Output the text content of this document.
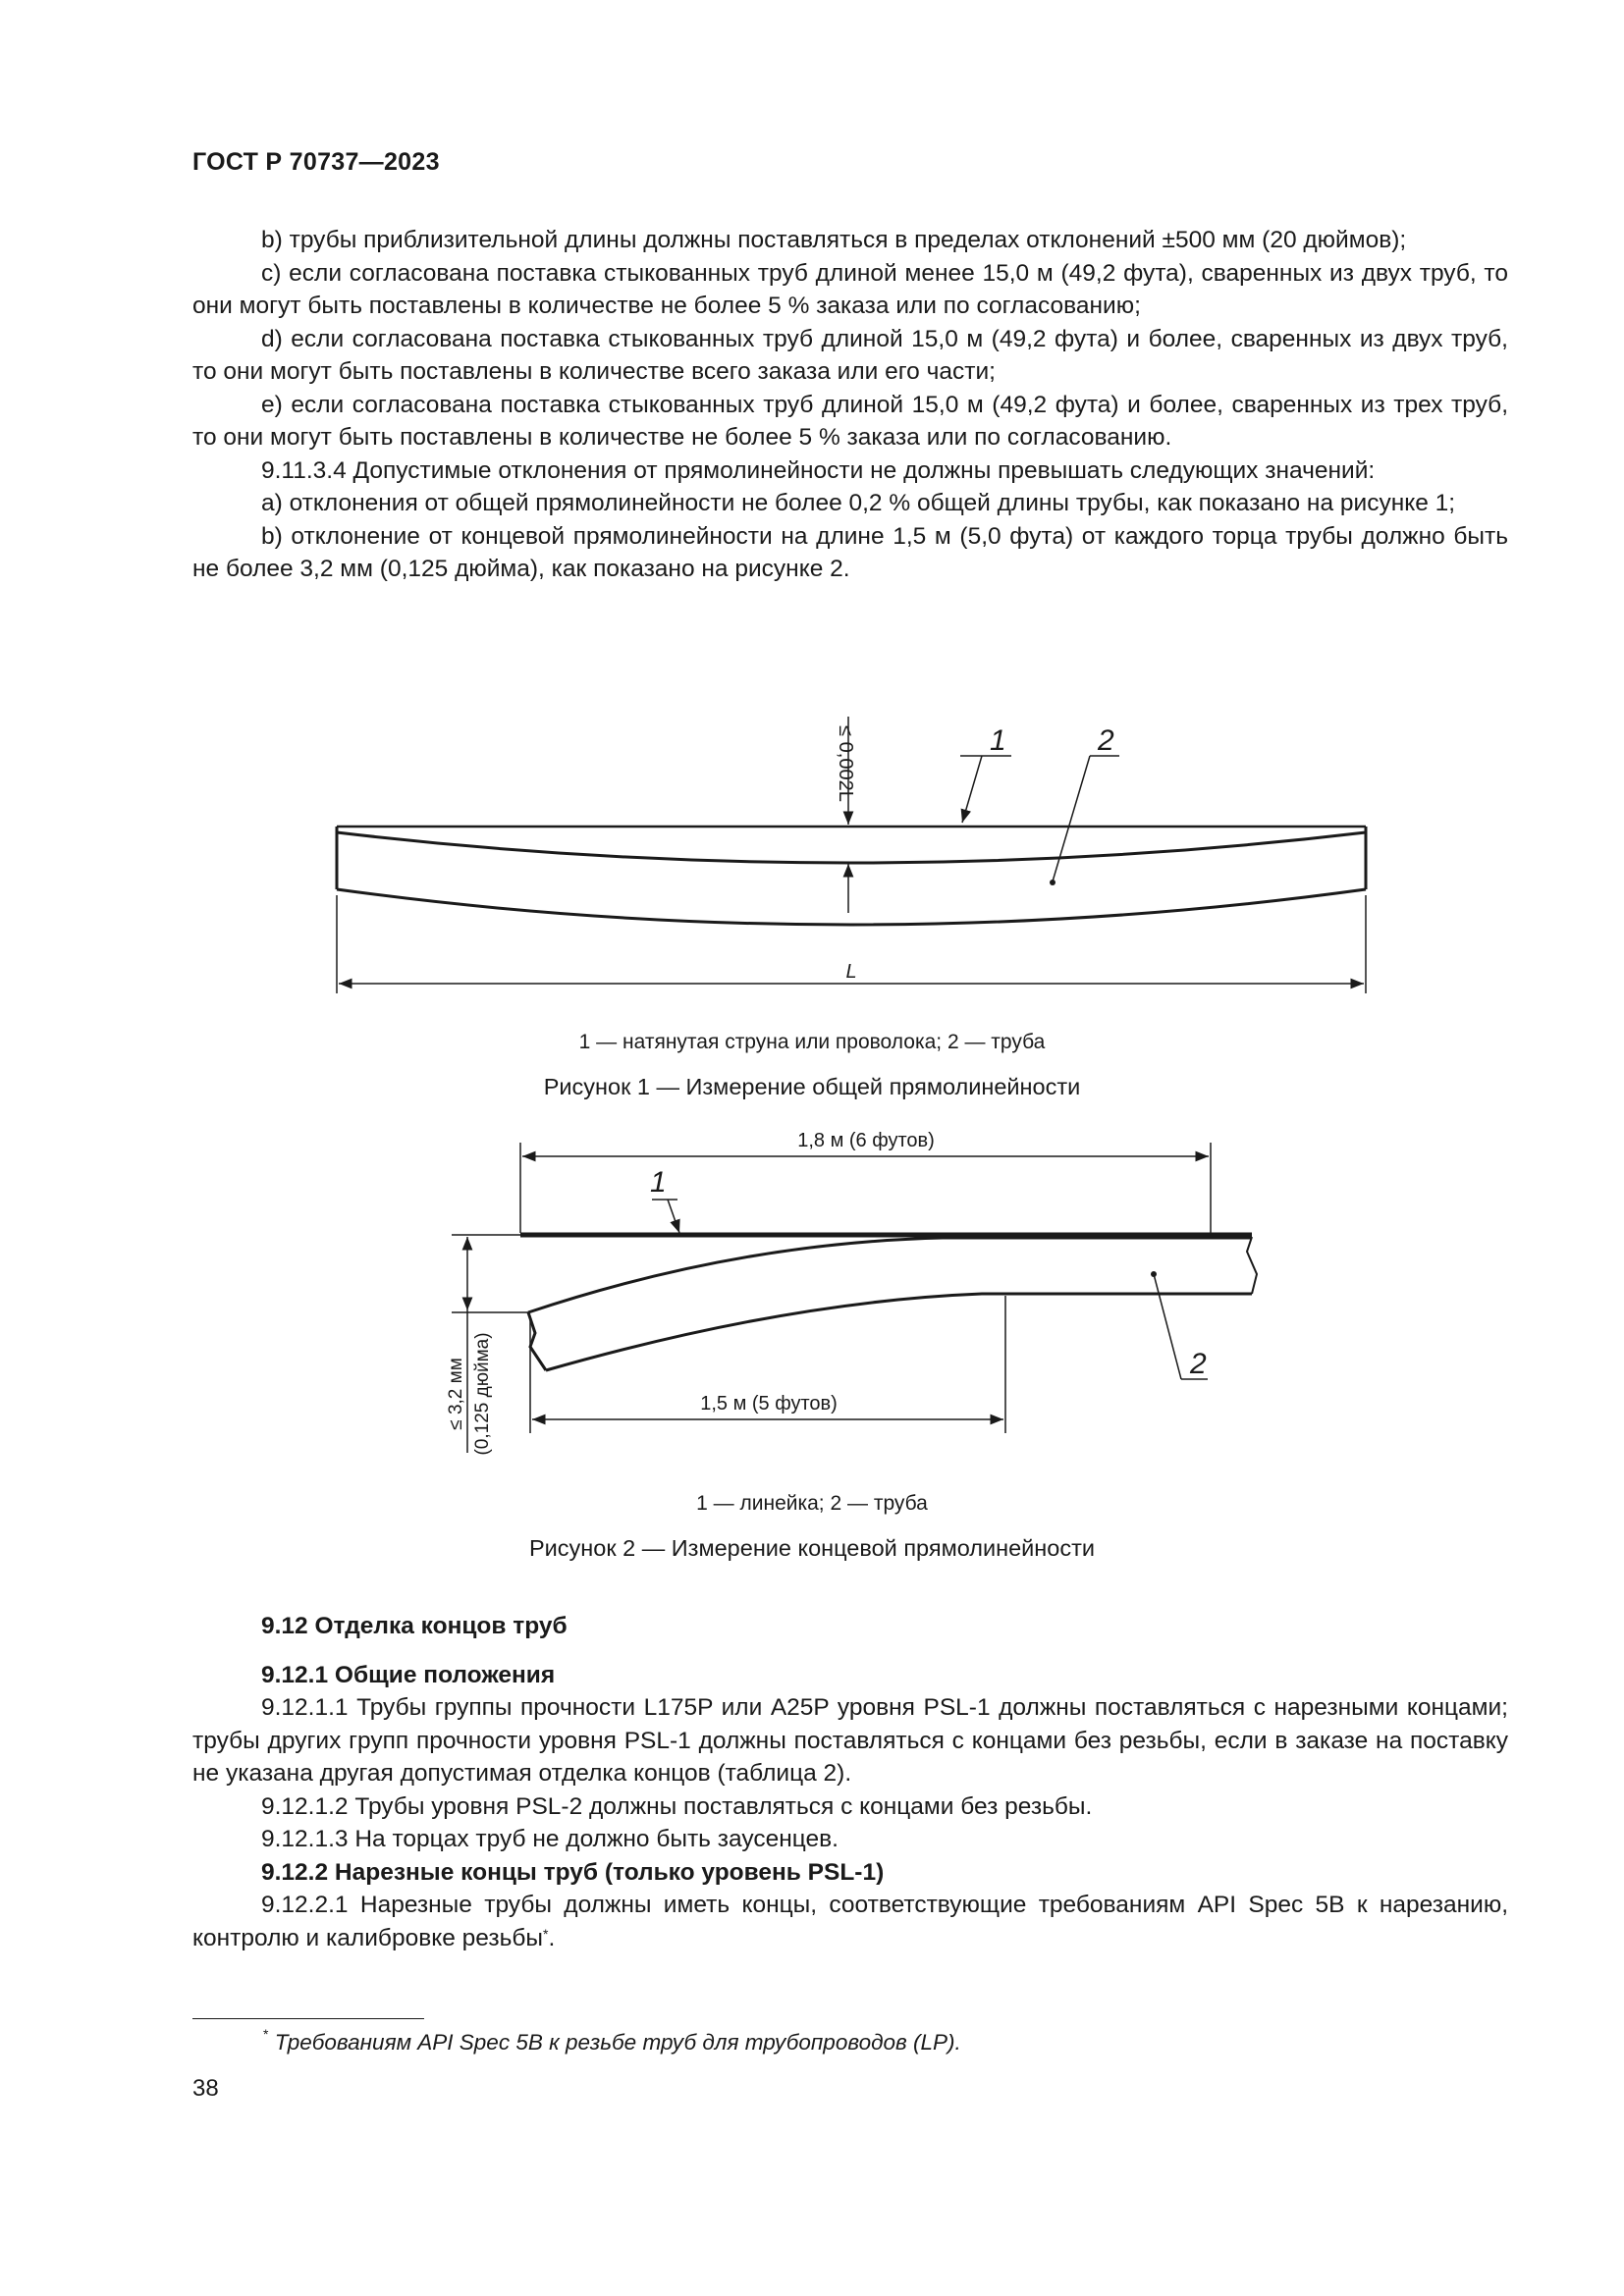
ГОСТ Р 70737—2023

b) трубы приблизительной длины должны поставляться в пределах отклонений ±500 мм (20 дюймов);

c) если согласована поставка стыкованных труб длиной менее 15,0 м (49,2 фута), сваренных из двух труб, то они могут быть поставлены в количестве не более 5 % заказа или по согласованию;

d) если согласована поставка стыкованных труб длиной 15,0 м (49,2 фута) и более, сваренных из двух труб, то они могут быть поставлены в количестве всего заказа или его части;

e) если согласована поставка стыкованных труб длиной 15,0 м (49,2 фута) и более, сваренных из трех труб, то они могут быть поставлены в количестве не более 5 % заказа или по согласованию.

9.11.3.4 Допустимые отклонения от прямолинейности не должны превышать следующих значений:

a) отклонения от общей прямолинейности не более 0,2 % общей длины трубы, как показано на рисунке 1;

b) отклонение от концевой прямолинейности на длине 1,5 м (5,0 фута) от каждого торца трубы должно быть не более 3,2 мм (0,125 дюйма), как показано на рисунке 2.

L
≤ 0,002L	1	2
1 — натянутая струна или проволока; 2 — труба
Рисунок 1 — Измерение общей прямолинейности
1,8 м (6 футов)
≤ 3,2 мм (0,125 дюйма)	1,5 м (5 футов)
1
2
1 — линейка; 2 — труба
Рисунок 2 — Измерение концевой прямолинейности

9.12 Отделка концов труб

9.12.1 Общие положения

9.12.1.1 Трубы группы прочности L175P или A25P уровня PSL-1 должны поставляться с нарезными концами; трубы других групп прочности уровня PSL-1 должны поставляться с концами без резьбы, если в заказе на поставку не указана другая допустимая отделка концов (таблица 2).

9.12.1.2 Трубы уровня PSL-2 должны поставляться с концами без резьбы.

9.12.1.3 На торцах труб не должно быть заусенцев.

9.12.2 Нарезные концы труб (только уровень PSL-1)

9.12.2.1 Нарезные трубы должны иметь концы, соответствующие требованиям API Spec 5B к нарезанию, контролю и калибровке резьбы*.

* Требованиям API Spec 5B к резьбе труб для трубопроводов (LP).
38
